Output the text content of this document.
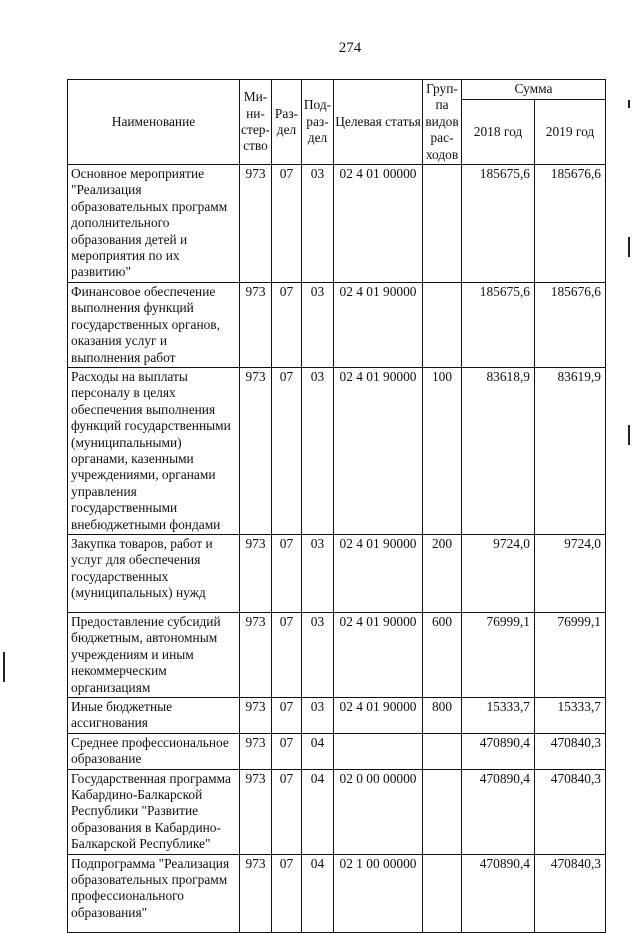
274
Наименование	Ми-ни-стер-ство	Раз-дел	Под-раз-дел	Целевая статья	Груп-па видов рас-ходов	Сумма	
						2018 год	2019 год
Основное мероприятие "Реализация образовательных программ дополнительного образования детей и мероприятия по их развитию"	973	07	03	02 4 01 00000		185675,6	185676,6
Финансовое обеспечение выполнения функций государственных органов, оказания услуг и выполнения работ	973	07	03	02 4 01 90000		185675,6	185676,6
Расходы на выплаты персоналу в целях обеспечения выполнения функций государственными (муниципальными) органами, казенными учреждениями, органами управления государственными внебюджетными фондами	973	07	03	02 4 01 90000	100	83618,9	83619,9
Закупка товаров, работ и услуг для обеспечения государственных (муниципальных) нужд	973	07	03	02 4 01 90000	200	9724,0	9724,0
Предоставление субсидий бюджетным, автономным учреждениям и иным некоммерческим организациям	973	07	03	02 4 01 90000	600	76999,1	76999,1
Иные бюджетные ассигнования	973	07	03	02 4 01 90000	800	15333,7	15333,7
Среднее профессиональное образование	973	07	04			470890,4	470840,3
Государственная программа Кабардино-Балкарской Республики "Развитие образования в Кабардино-Балкарской Республике"	973	07	04	02 0 00 00000		470890,4	470840,3
Подпрограмма "Реализация образовательных программ профессионального образования"	973	07	04	02 1 00 00000		470890,4	470840,3
